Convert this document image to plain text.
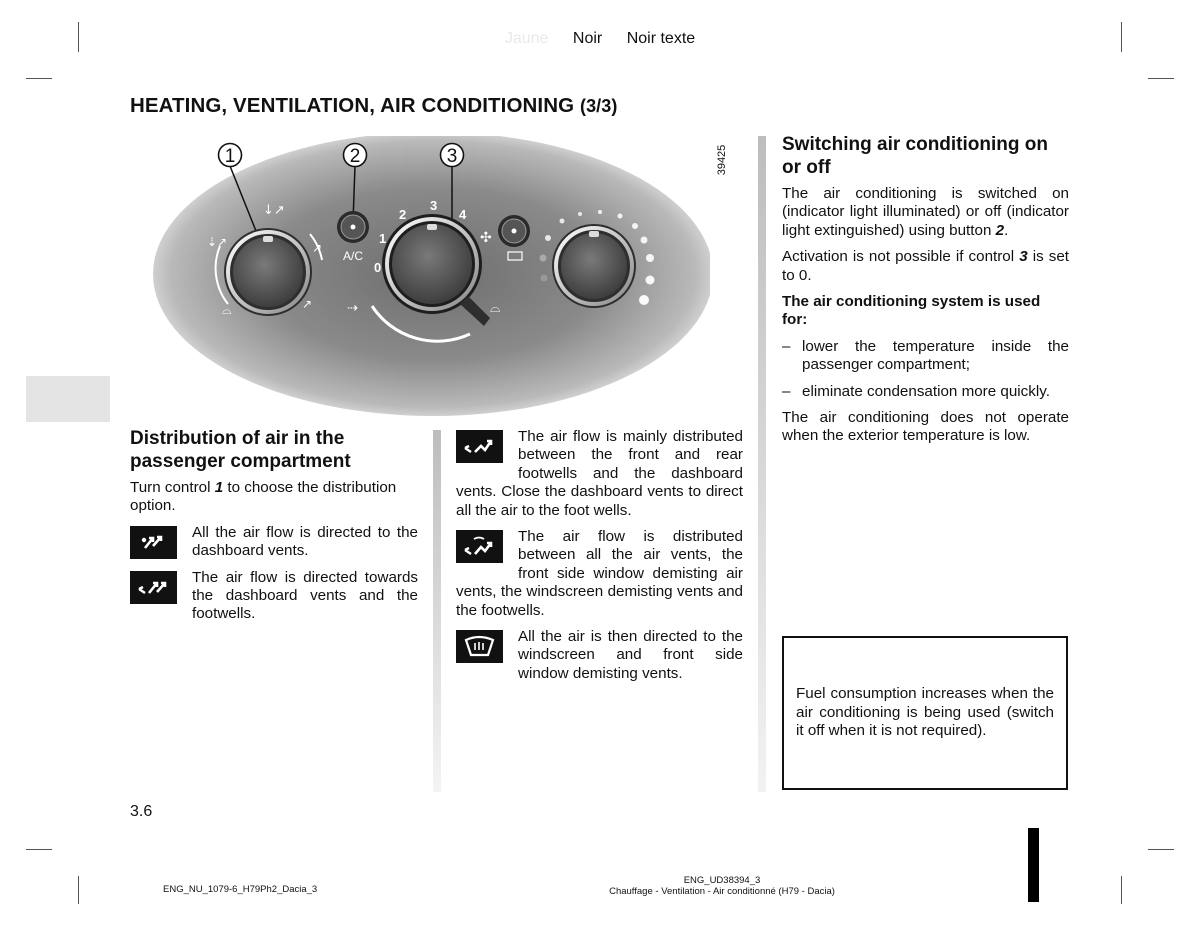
Jaune Noir Noir texte
HEATING, VENTILATION, AIR CONDITIONING (3/3)
39425
1	2	3
↓↗
⇣↗	↗
⌓	↗
A/C
0
1
2
3
4
✣
⇢	⌓
Distribution of air in the passenger compartment

Turn control 1 to choose the distribution option.

All the air flow is directed to the dashboard vents.

The air flow is directed towards the dashboard vents and the footwells.

The air flow is mainly distributed between the front and rear footwells and the dashboard vents. Close the dashboard vents to direct all the air to the foot wells.

The air flow is distributed between all the air vents, the front side window demisting air vents, the windscreen demisting vents and the footwells.

All the air is then directed to the windscreen and front side window demisting vents.

Switching air conditioning on or off

The air conditioning is switched on (indicator light illuminated) or off (indicator light extinguished) using button 2.

Activation is not possible if control 3 is set to 0.

The air conditioning system is used for:

– lower the temperature inside the passenger compartment;
– eliminate condensation more quickly.

The air conditioning does not operate when the exterior temperature is low.

Fuel consumption increases when the air conditioning is being used (switch it off when it is not required).
3.6
ENG_NU_1079-6_H79Ph2_Dacia_3
ENG_UD38394_3
Chauffage - Ventilation - Air conditionné (H79 - Dacia)
